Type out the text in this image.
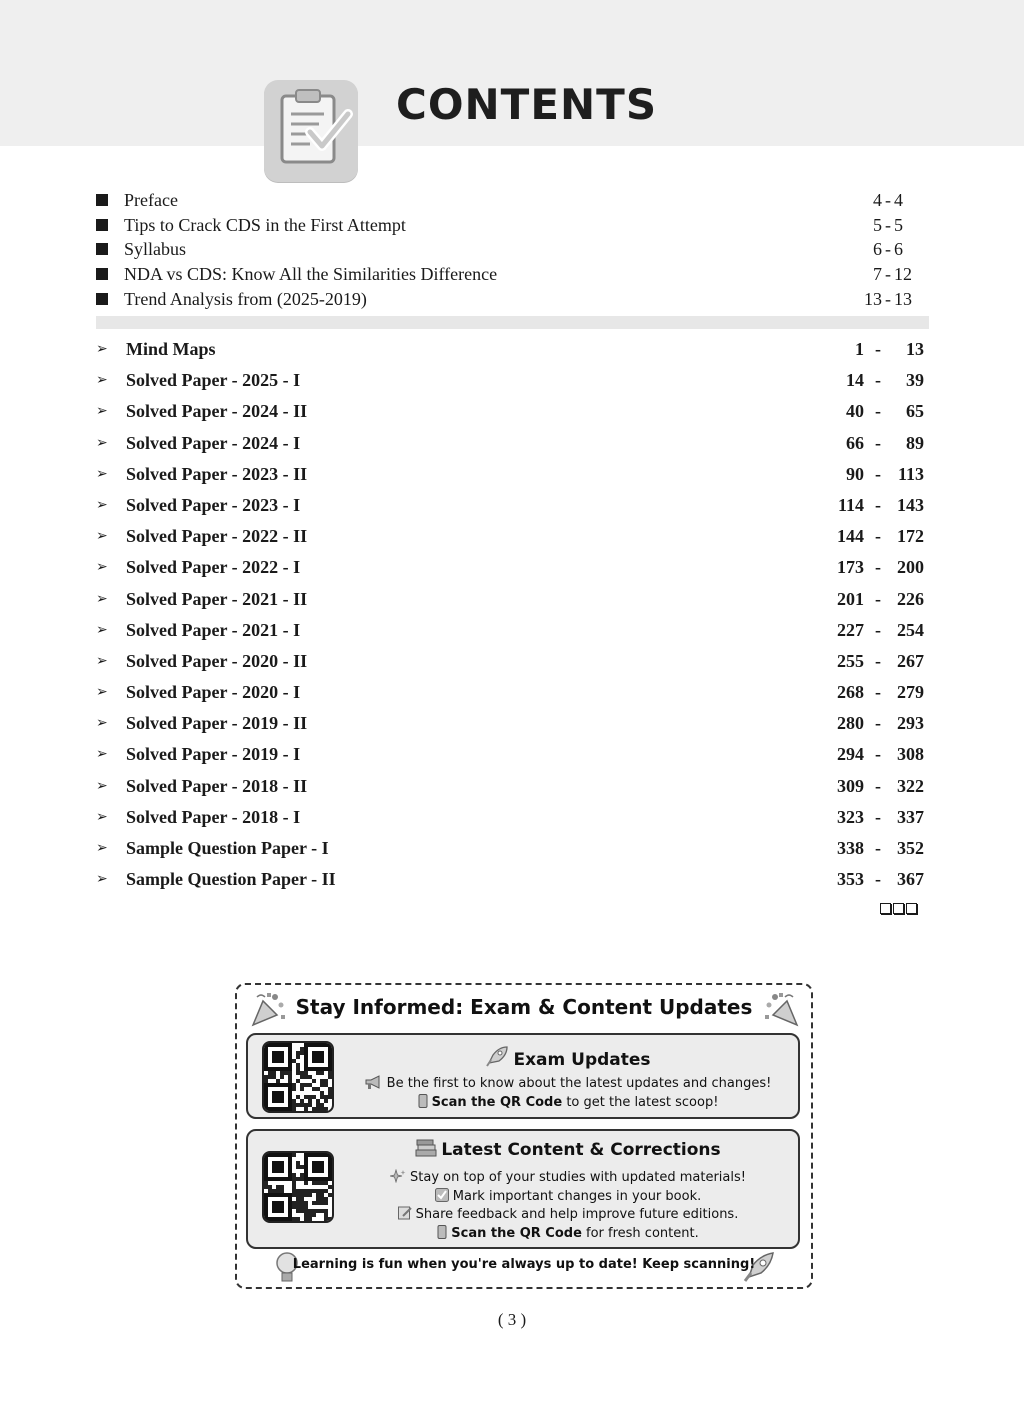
CONTENTS
Preface	4 - 4
Tips to Crack CDS in the First Attempt	5 - 5
Syllabus	6 - 6
NDA vs CDS: Know All the Similarities Difference	7 - 12
Trend Analysis from (2025-2019)	13 - 13
➢ Mind Maps	1 -	13
➢ Solved Paper - 2025 - I	14 -	39
➢ Solved Paper - 2024 - II	40 -	65
➢ Solved Paper - 2024 - I	66 -	89
➢ Solved Paper - 2023 - II	90 - 113
➢ Solved Paper - 2023 - I	114 - 143
➢ Solved Paper - 2022 - II	144 - 172
➢ Solved Paper - 2022 - I	173 - 200
➢ Solved Paper - 2021 - II	201 - 226
➢ Solved Paper - 2021 - I	227 - 254
➢ Solved Paper - 2020 - II	255 - 267
➢ Solved Paper - 2020 - I	268 - 279
➢ Solved Paper - 2019 - II	280 - 293
➢ Solved Paper - 2019 - I	294 - 308
➢ Solved Paper - 2018 - II	309 - 322
➢ Solved Paper - 2018 - I	323 - 337
➢ Sample Question Paper - I	338 - 352
➢ Sample Question Paper - II	353 - 367
Stay Informed: Exam & Content Updates
Exam Updates
Be the first to know about the latest updates and changes!
Scan the QR Code to get the latest scoop!
Latest Content & Corrections
Stay on top of your studies with updated materials!
Mark important changes in your book.
Share feedback and help improve future editions.
Scan the QR Code for fresh content.
Learning is fun when you're always up to date! Keep scanning!
( 3 )
